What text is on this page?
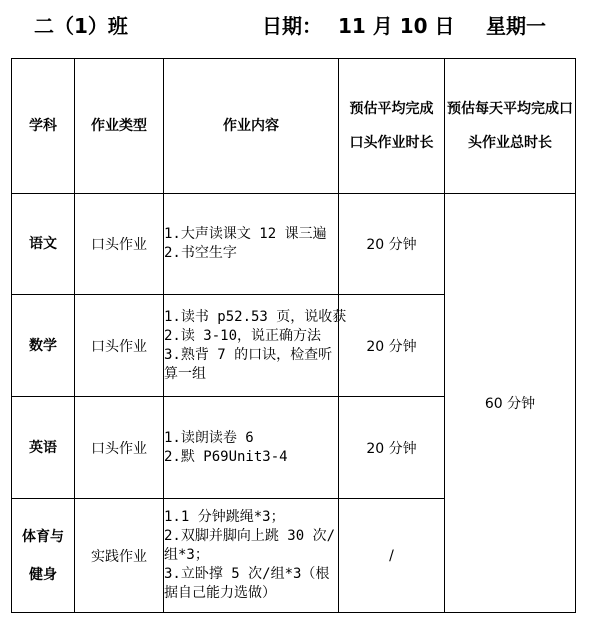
二（1）班	日期： 11 月 10 日 星期一
学科	作业类型	作业内容	预估平均完成口头作业时长	预估每天平均完成口头作业总时长
语文	口头作业	1.大声读课文 12 课三遍
2.书空生字	20 分钟	60 分钟
数学	口头作业	1.读书 p52.53 页，说收获
2.读 3-10，说正确方法
3.熟背 7 的口诀，检查听算一组	20 分钟	
英语	口头作业	1.读朗读卷 6
2.默 P69Unit3-4	20 分钟	
体育与健身	实践作业	1.1 分钟跳绳*3；
2.双脚并脚向上跳 30 次/组*3；
3.立卧撑 5 次/组*3（根据自己能力选做）	/	
